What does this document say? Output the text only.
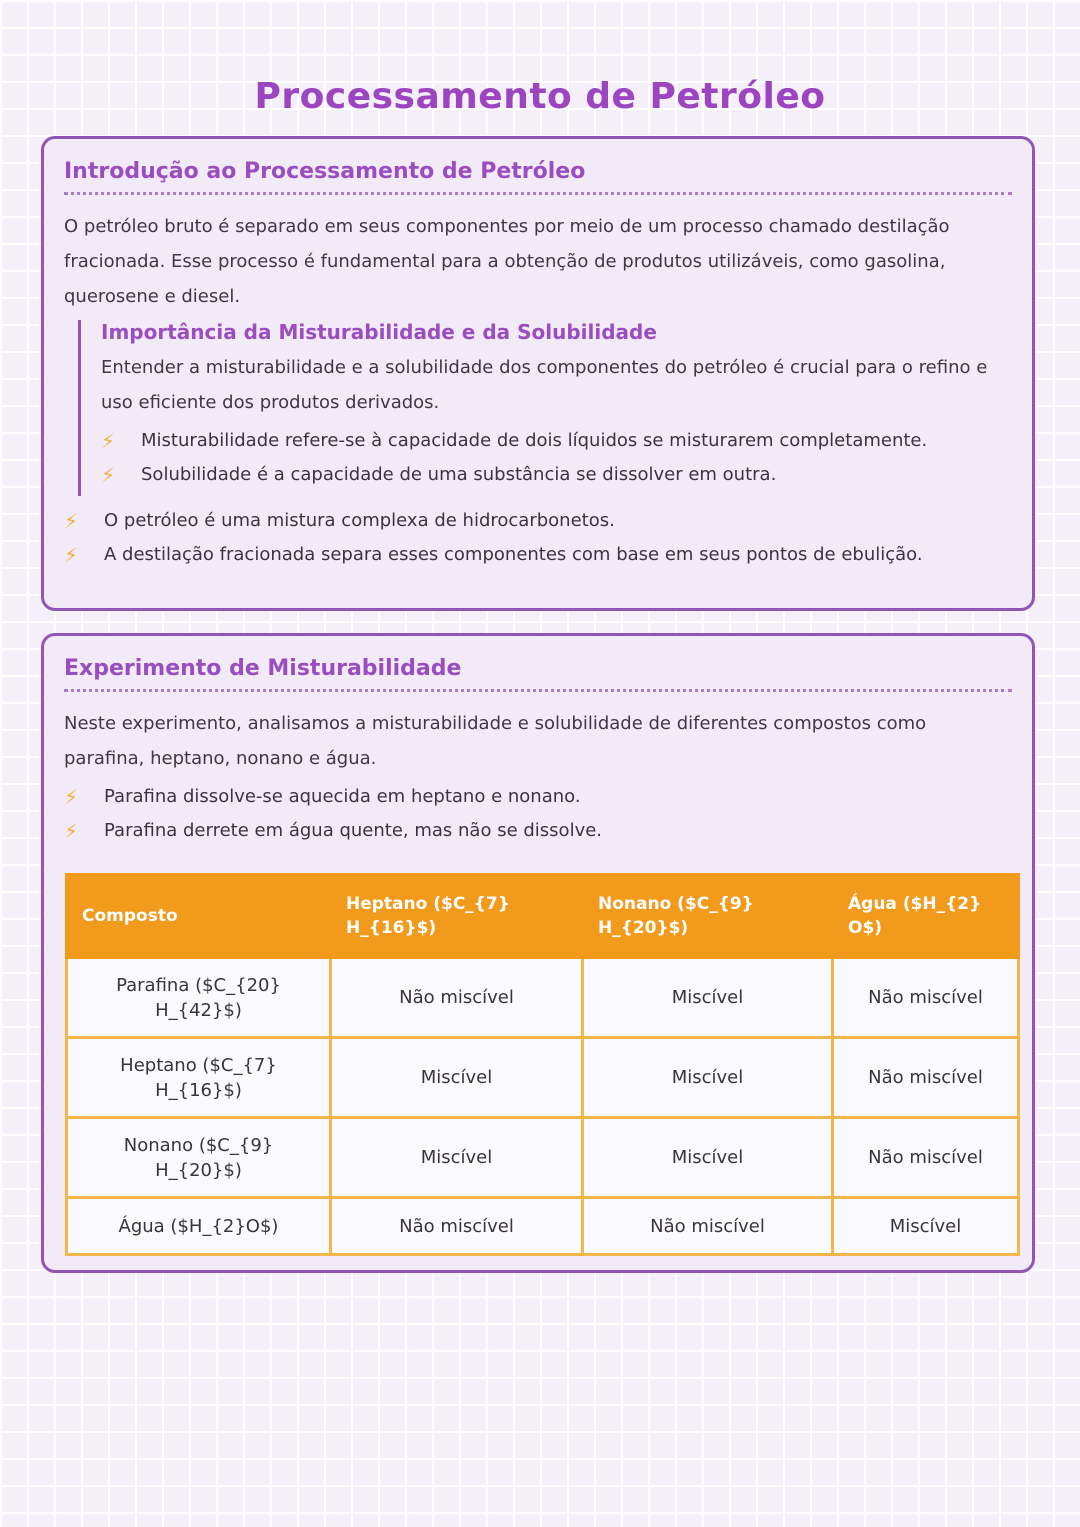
Processamento de Petróleo
Introdução ao Processamento de Petróleo

O petróleo bruto é separado em seus componentes por meio de um processo chamado destilação fracionada. Esse processo é fundamental para a obtenção de produtos utilizáveis, como gasolina, querosene e diesel.

Importância da Misturabilidade e da Solubilidade

Entender a misturabilidade e a solubilidade dos componentes do petróleo é crucial para o refino e uso eficiente dos produtos derivados.

⚡	Misturabilidade refere-se à capacidade de dois líquidos se misturarem completamente.
⚡	Solubilidade é a capacidade de uma substância se dissolver em outra.
⚡	O petróleo é uma mistura complexa de hidrocarbonetos.
⚡	A destilação fracionada separa esses componentes com base em seus pontos de ebulição.
Experimento de Misturabilidade

Neste experimento, analisamos a misturabilidade e solubilidade de diferentes compostos como parafina, heptano, nonano e água.

⚡	Parafina dissolve-se aquecida em heptano e nonano.
⚡	Parafina derrete em água quente, mas não se dissolve.
Composto	Heptano ($C_{7} H_{16}$)	Nonano ($C_{9} H_{20}$)	Água ($H_{2} O$)
Parafina ($C_{20} H_{42}$)	Não miscível	Miscível	Não miscível
Heptano ($C_{7} H_{16}$)	Miscível	Miscível	Não miscível
Nonano ($C_{9} H_{20}$)	Miscível	Miscível	Não miscível
Água ($H_{2}O$)	Não miscível	Não miscível	Miscível
